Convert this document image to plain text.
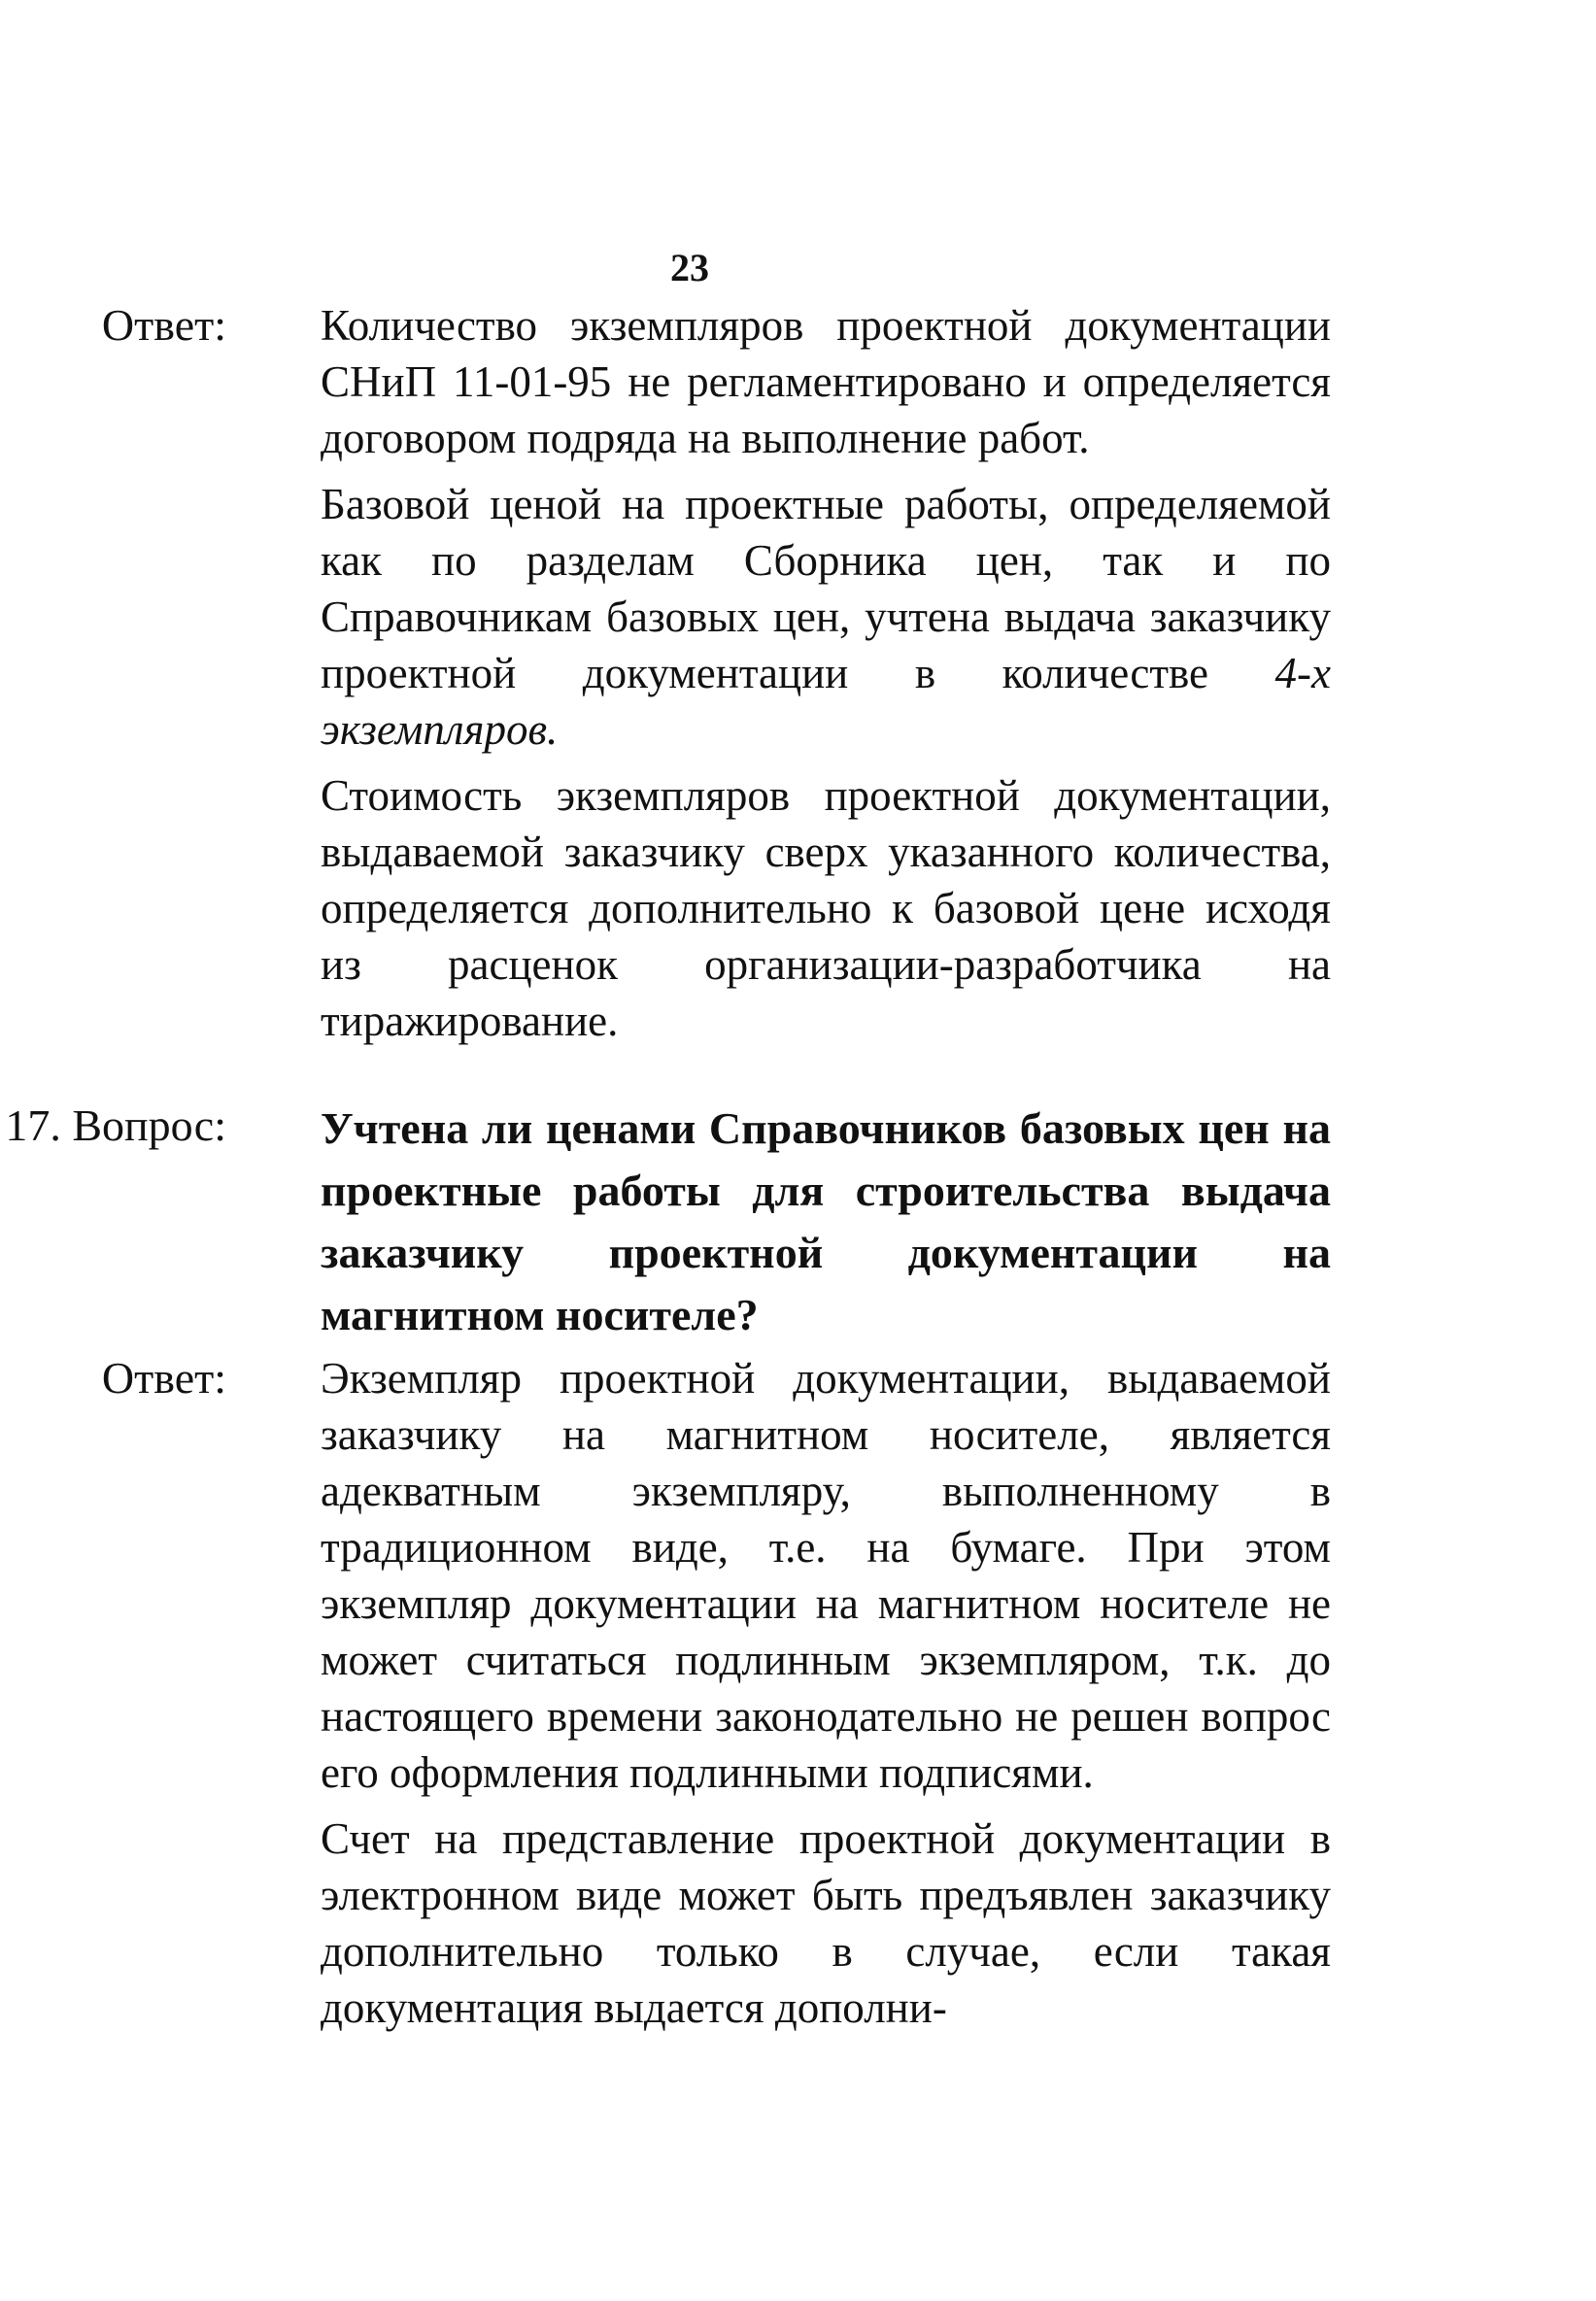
23
Ответ: Количество экземпляров проектной документации СНиП 11-01-95 не регламентировано и определяется договором подряда на выполнение работ.

Базовой ценой на проектные работы, определяемой как по разделам Сборника цен, так и по Справочникам базовых цен, учтена выдача заказчику проектной документации в количестве 4-х экземпляров.

Стоимость экземпляров проектной документации, выдаваемой заказчику сверх указанного количества, определяется дополнительно к базовой цене исходя из расценок организации-разработчика на тиражирование.

17. Вопрос: Учтена ли ценами Справочников базовых цен на проектные работы для строительства выдача заказчику проектной документации на магнитном носителе?

Ответ: Экземпляр проектной документации, выдаваемой заказчику на магнитном носителе, является адекватным экземпляру, выполненному в традиционном виде, т.е. на бумаге. При этом экземпляр документации на магнитном носителе не может считаться подлинным экземпляром, т.к. до настоящего времени законодательно не решен вопрос его оформления подлинными подписями.

Счет на представление проектной документации в электронном виде может быть предъявлен заказчику дополнительно только в случае, если такая документация выдается дополни-
